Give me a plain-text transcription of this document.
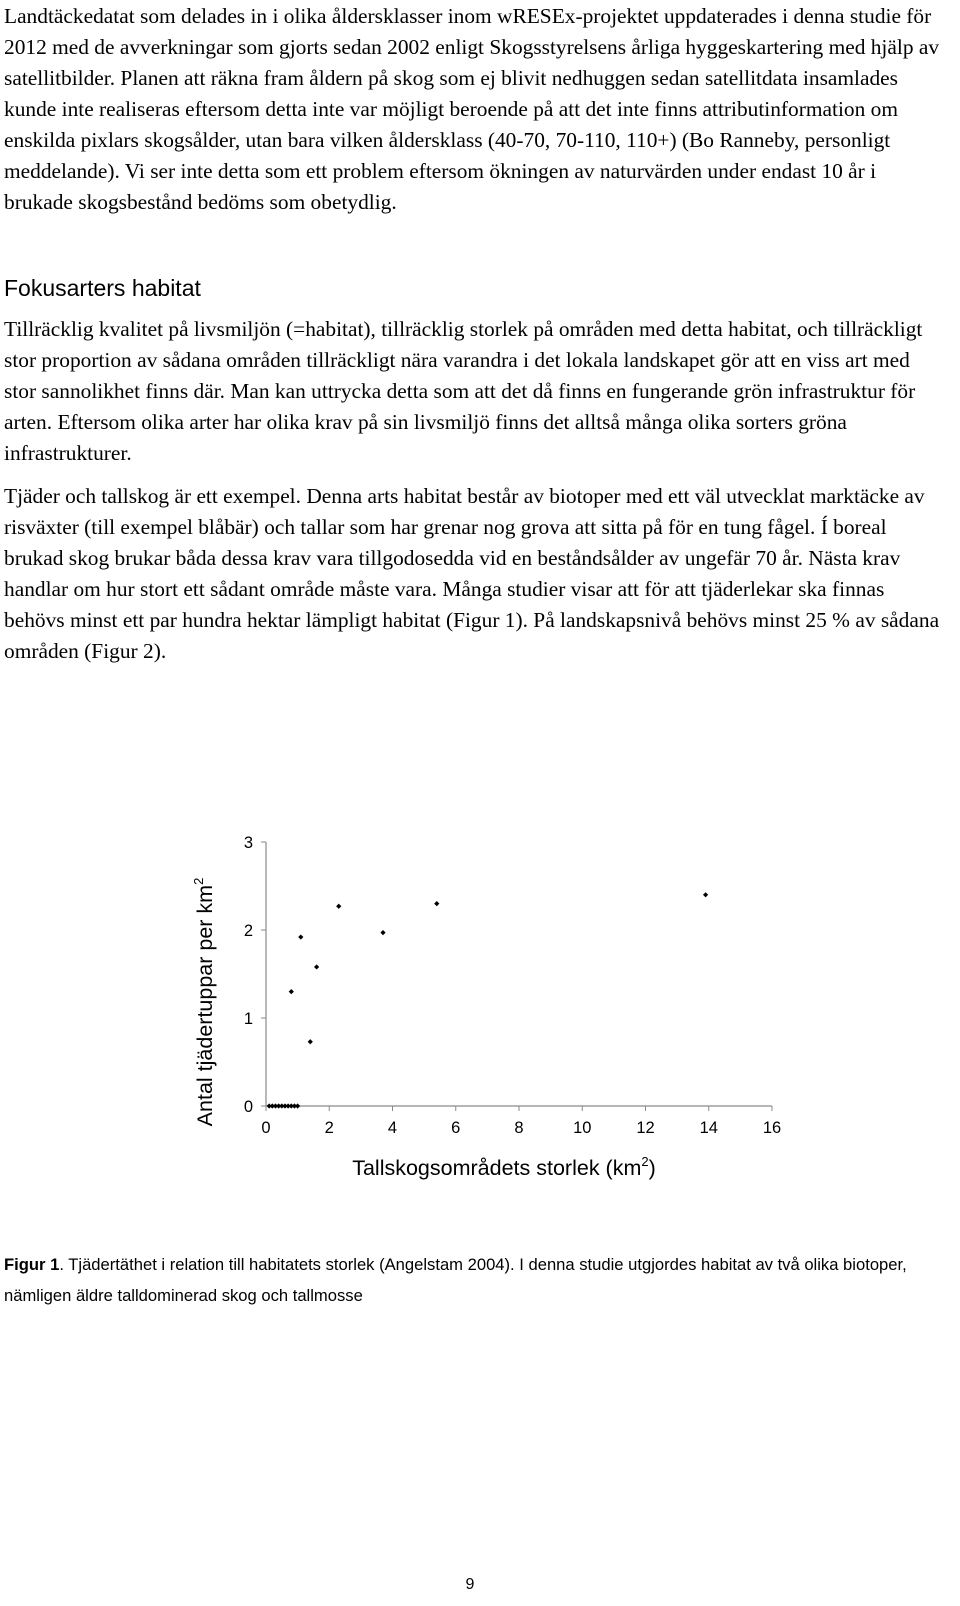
Landtäckedatat som delades in i olika åldersklasser inom wRESEx-projektet uppdaterades i denna studie för 2012 med de avverkningar som gjorts sedan 2002 enligt Skogsstyrelsens årliga hyggeskartering med hjälp av satellitbilder. Planen att räkna fram åldern på skog som ej blivit nedhuggen sedan satellitdata insamlades kunde inte realiseras eftersom detta inte var möjligt beroende på att det inte finns attributinformation om enskilda pixlars skogsålder, utan bara vilken åldersklass (40-70, 70-110, 110+) (Bo Ranneby, personligt meddelande). Vi ser inte detta som ett problem eftersom ökningen av naturvärden under endast 10 år i brukade skogsbestånd bedöms som obetydlig.

Fokusarters habitat

Tillräcklig kvalitet på livsmiljön (=habitat), tillräcklig storlek på områden med detta habitat, och tillräckligt stor proportion av sådana områden tillräckligt nära varandra i det lokala landskapet gör att en viss art med stor sannolikhet finns där. Man kan uttrycka detta som att det då finns en fungerande grön infrastruktur för arten. Eftersom olika arter har olika krav på sin livsmiljö finns det alltså många olika sorters gröna infrastrukturer.

Tjäder och tallskog är ett exempel. Denna arts habitat består av biotoper med ett väl utvecklat marktäcke av risväxter (till exempel blåbär) och tallar som har grenar nog grova att sitta på för en tung fågel. Í boreal brukad skog brukar båda dessa krav vara tillgodosedda vid en beståndsålder av ungefär 70 år. Nästa krav handlar om hur stort ett sådant område måste vara. Många studier visar att för att tjäderlekar ska finnas behövs minst ett par hundra hektar lämpligt habitat (Figur 1). På landskapsnivå behövs minst 25 % av sådana områden (Figur 2).

0	2	4	6	8	10	12	14	16
0
1
2
3
Antal tjädertuppar per $km^2$
Tallskogsområdets storlek $(km^2)$

Figur 1. Tjädertäthet i relation till habitatets storlek (Angelstam 2004). I denna studie utgjordes habitat av två olika biotoper, nämligen äldre talldominerad skog och tallmosse

9
